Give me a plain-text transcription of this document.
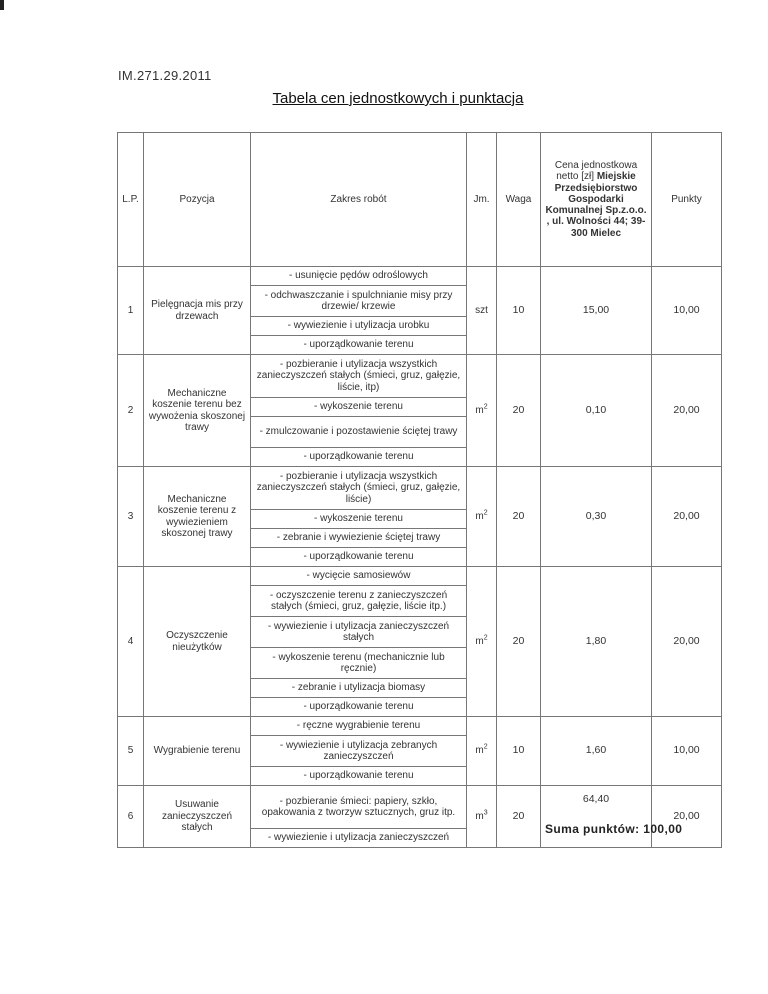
IM.271.29.2011
Tabela cen jednostkowych i punktacja
L.P.	Pozycja	Zakres robót	Jm.	Waga	Cena jednostkowa netto [zł] Miejskie Przedsiębiorstwo Gospodarki Komunalnej Sp.z.o.o. , ul. Wolności 44; 39-300 Mielec	Punkty
1	Pielęgnacja mis przy drzewach	- usunięcie pędów odroślowych	szt	10	15,00	10,00
		- odchwaszczanie i spulchnianie misy przy drzewie/ krzewie				
		- wywiezienie i utylizacja urobku				
		- uporządkowanie terenu				
2	Mechaniczne koszenie terenu bez wywożenia skoszonej trawy	- pozbieranie i utylizacja wszystkich zanieczyszczeń stałych (śmieci, gruz, gałęzie, liście, itp)	$m^2$	20	0,10	20,00
		- wykoszenie terenu				
		- zmulczowanie i pozostawienie ściętej trawy				
		- uporządkowanie terenu				
3	Mechaniczne koszenie terenu z wywiezieniem skoszonej trawy	- pozbieranie i utylizacja wszystkich zanieczyszczeń stałych (śmieci, gruz, gałęzie, liście)	$m^2$	20	0,30	20,00
		- wykoszenie terenu				
		- zebranie i wywiezienie ściętej trawy				
		- uporządkowanie terenu				
4	Oczyszczenie nieużytków	- wycięcie samosiewów	$m^2$	20	1,80	20,00
		- oczyszczenie terenu z zanieczyszczeń stałych (śmieci, gruz, gałęzie, liście itp.)				
		- wywiezienie i utylizacja zanieczyszczeń stałych				
		- wykoszenie terenu (mechanicznie lub ręcznie)				
		- zebranie i utylizacja biomasy				
		- uporządkowanie terenu				
5	Wygrabienie terenu	- ręczne wygrabienie terenu	$m^2$	10	1,60	10,00
		- wywiezienie i utylizacja zebranych zanieczyszczeń				
		- uporządkowanie terenu				
6	Usuwanie zanieczyszczeń stałych	- pozbieranie śmieci: papiery, szkło, opakowania z tworzyw sztucznych, gruz itp.	$m^3$	20	64,40	20,00
		- wywiezienie i utylizacja zanieczyszczeń				
Suma punktów: 100,00
